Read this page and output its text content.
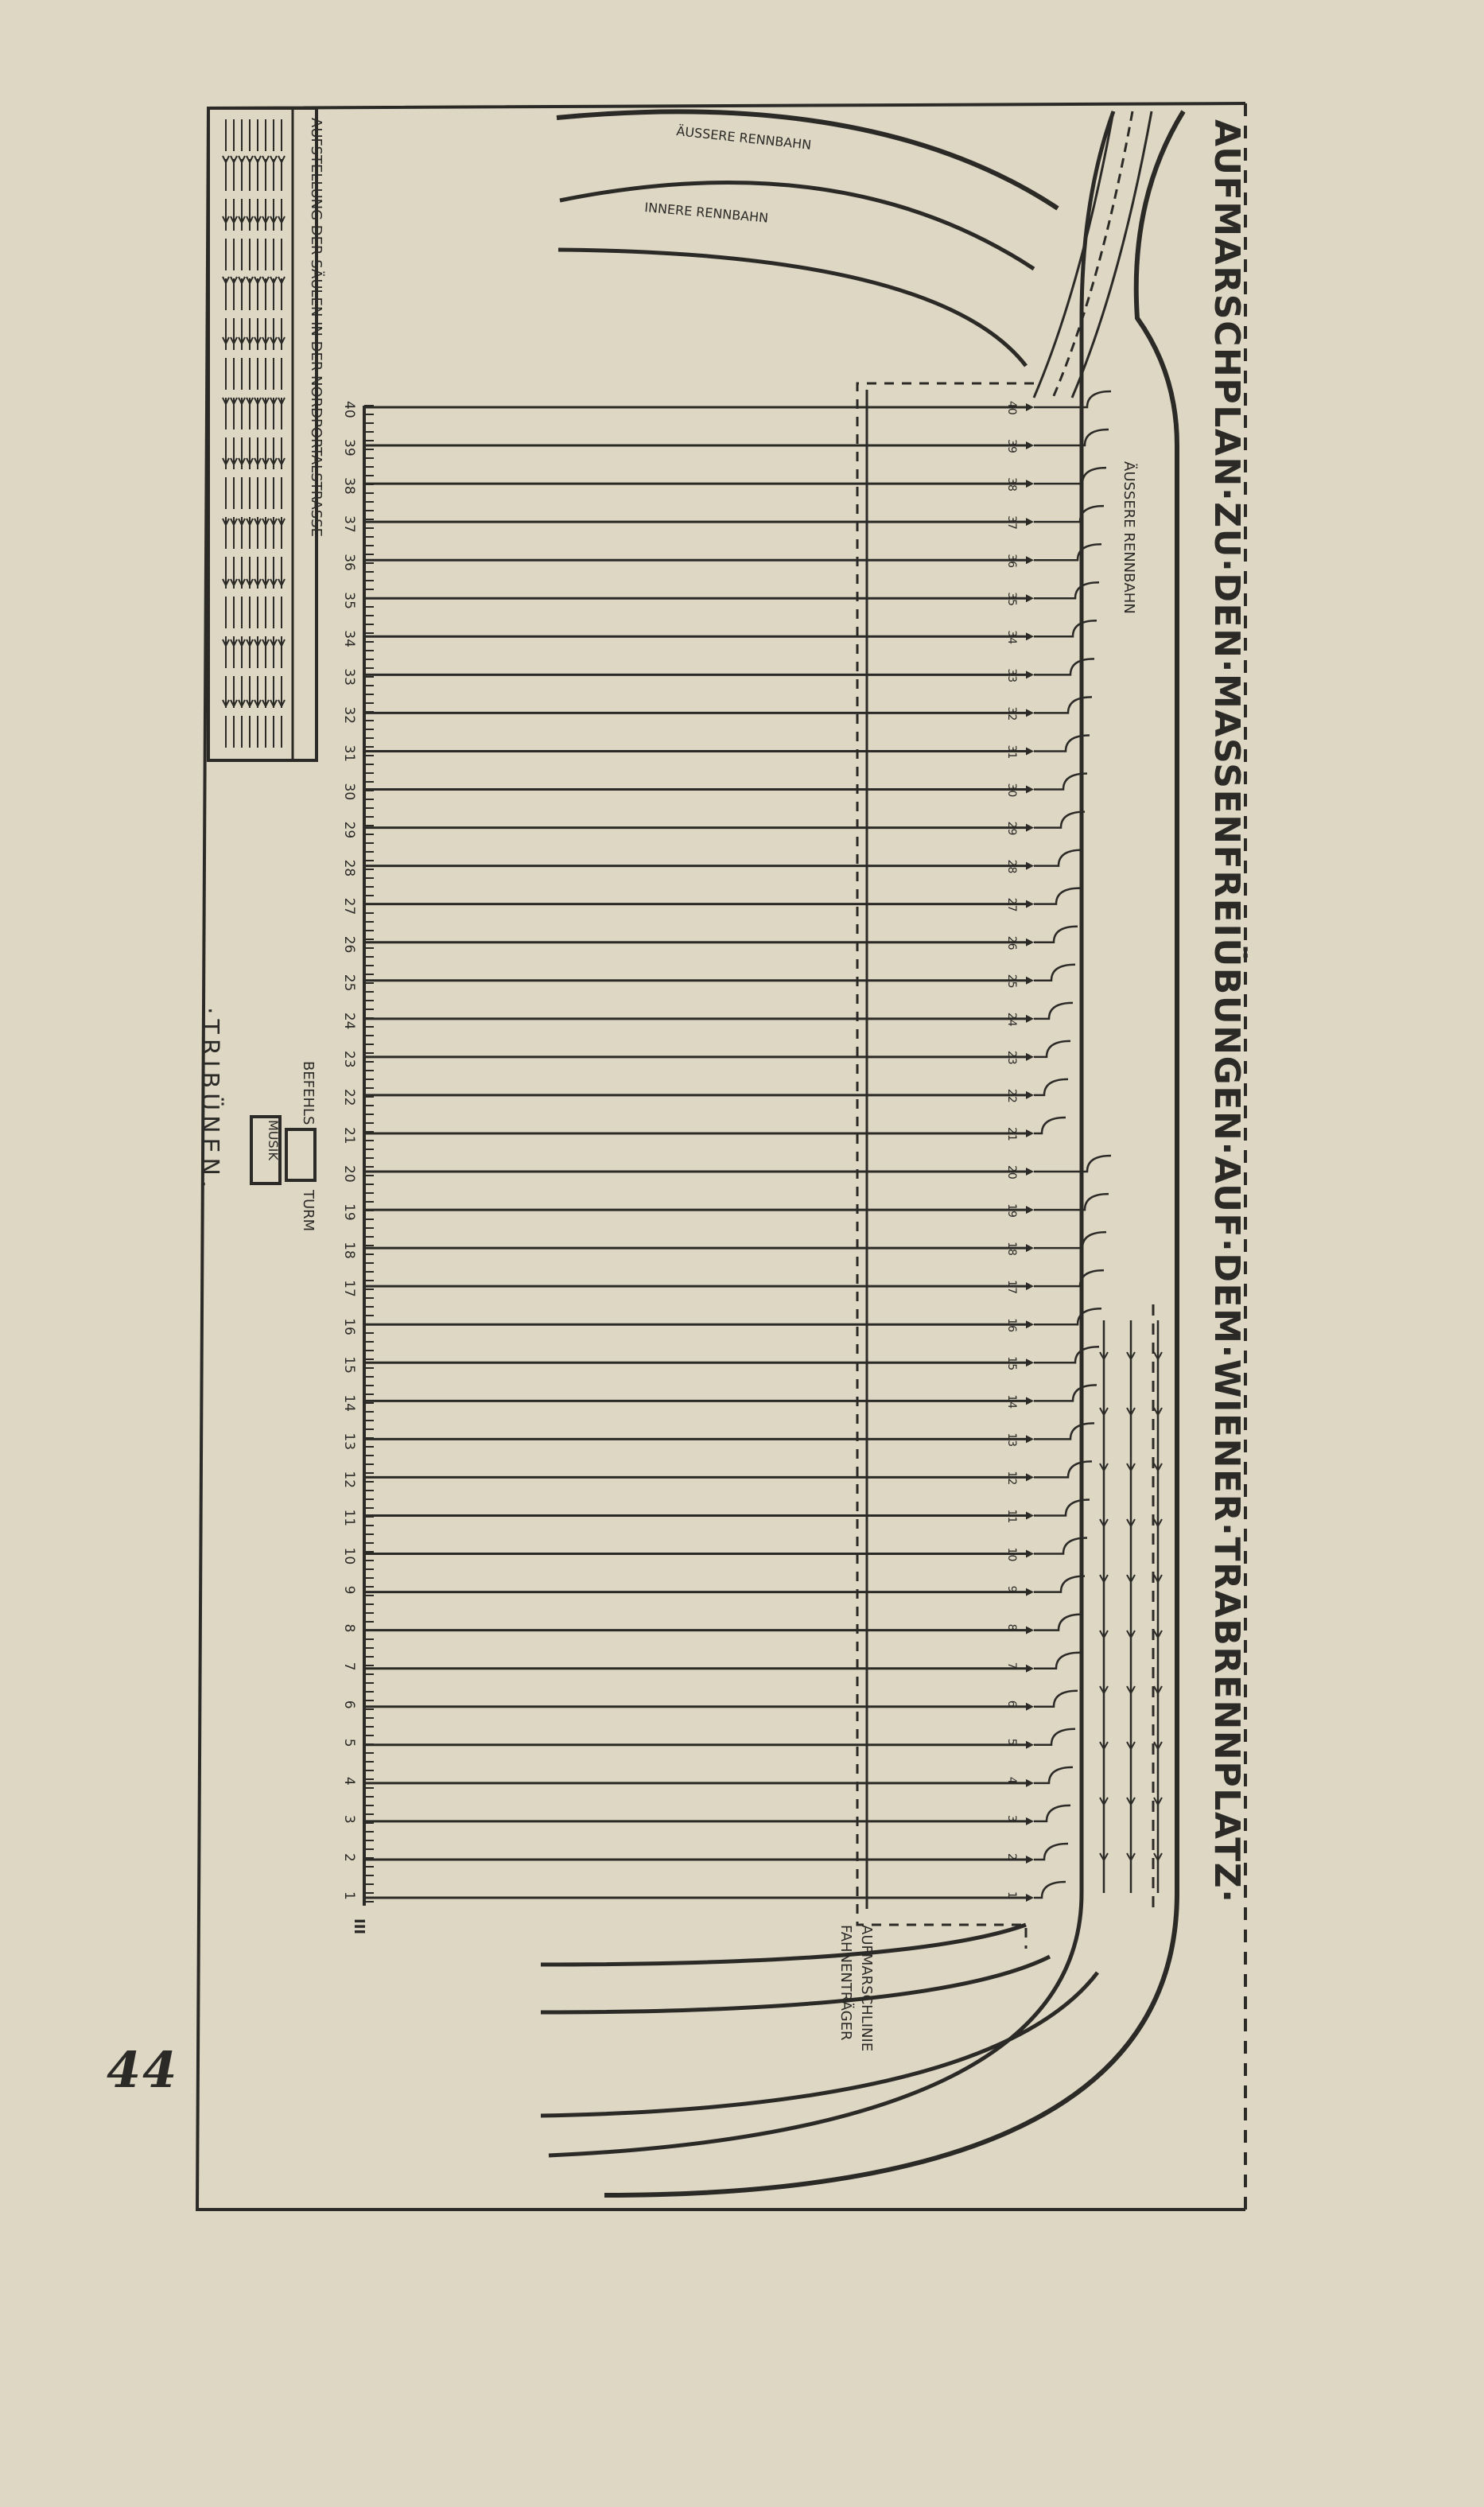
ÄUSSERE RENNBAHN
INNERE RENNBAHN
ÄUSSERE RENNBAHN
1	1
2	2
3	3
4	4
5	5
6	6
7	7
8	8
9	9
10	10
11	11
12	12
13	13
14	14
15	15
16	16
17	17
18	18
19	19
20	20
21	21
22	22
23	23
24	24
25	25
26	26
27	27
28	28
29	29
30	30
31	31
32	32
33	33
34	34
35	35
36	36
37	37
38	38
39	39
40	40
AUFSTELLUNG·DER·SÄULEN·IN·DER·NORDPORTALSTRASSE
BEFEHLS
TURM
MUSIK
·TRIBÜNEN.
AUFMARSCHLINIE
FAHNENTRÄGER
III
AUFMARSCHPLAN·ZU·DEN·MASSENFREIÜBUNGEN·AUF·DEM·WIENER·TRABRENNPLATZ·
44
